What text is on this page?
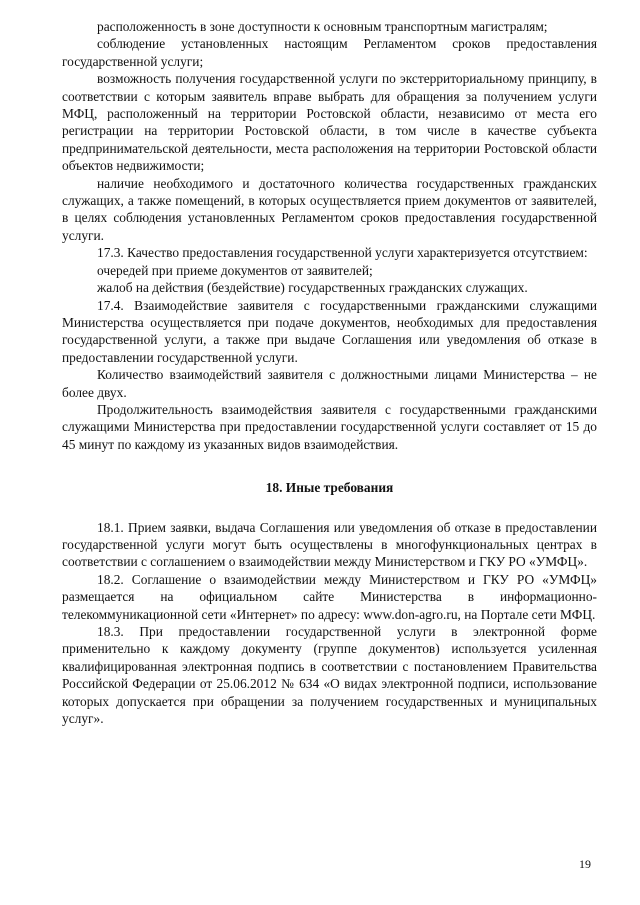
расположенность в зоне доступности к основным транспортным магистралям;

соблюдение установленных настоящим Регламентом сроков предоставления государственной услуги;

возможность получения государственной услуги по экстерриториальному принципу, в соответствии с которым заявитель вправе выбрать для обращения за получением услуги МФЦ, расположенный на территории Ростовской области, независимо от места его регистрации на территории Ростовской области, в том числе в качестве субъекта предпринимательской деятельности, места расположения на территории Ростовской области объектов недвижимости;

наличие необходимого и достаточного количества государственных гражданских служащих, а также помещений, в которых осуществляется прием документов от заявителей, в целях соблюдения установленных Регламентом сроков предоставления государственной услуги.

17.3. Качество предоставления государственной услуги характеризуется отсутствием:

очередей при приеме документов от заявителей;

жалоб на действия (бездействие) государственных гражданских служащих.

17.4. Взаимодействие заявителя с государственными гражданскими служащими Министерства осуществляется при подаче документов, необходимых для предоставления государственной услуги, а также при выдаче Соглашения или уведомления об отказе в предоставлении государственной услуги.

Количество взаимодействий заявителя с должностными лицами Министерства – не более двух.

Продолжительность взаимодействия заявителя с государственными гражданскими служащими Министерства при предоставлении государственной услуги составляет от 15 до 45 минут по каждому из указанных видов взаимодействия.

18. Иные требования

18.1. Прием заявки, выдача Соглашения или уведомления об отказе в предоставлении государственной услуги могут быть осуществлены в многофункциональных центрах в соответствии с соглашением о взаимодействии между Министерством и ГКУ РО «УМФЦ».

18.2. Соглашение о взаимодействии между Министерством и ГКУ РО «УМФЦ» размещается на официальном сайте Министерства в информационно-телекоммуникационной сети «Интернет» по адресу: www.don-agro.ru, на Портале сети МФЦ.

18.3. При предоставлении государственной услуги в электронной форме применительно к каждому документу (группе документов) используется усиленная квалифицированная электронная подпись в соответствии с постановлением Правительства Российской Федерации от 25.06.2012 № 634 «О видах электронной подписи, использование которых допускается при обращении за получением государственных и муниципальных услуг».

19
